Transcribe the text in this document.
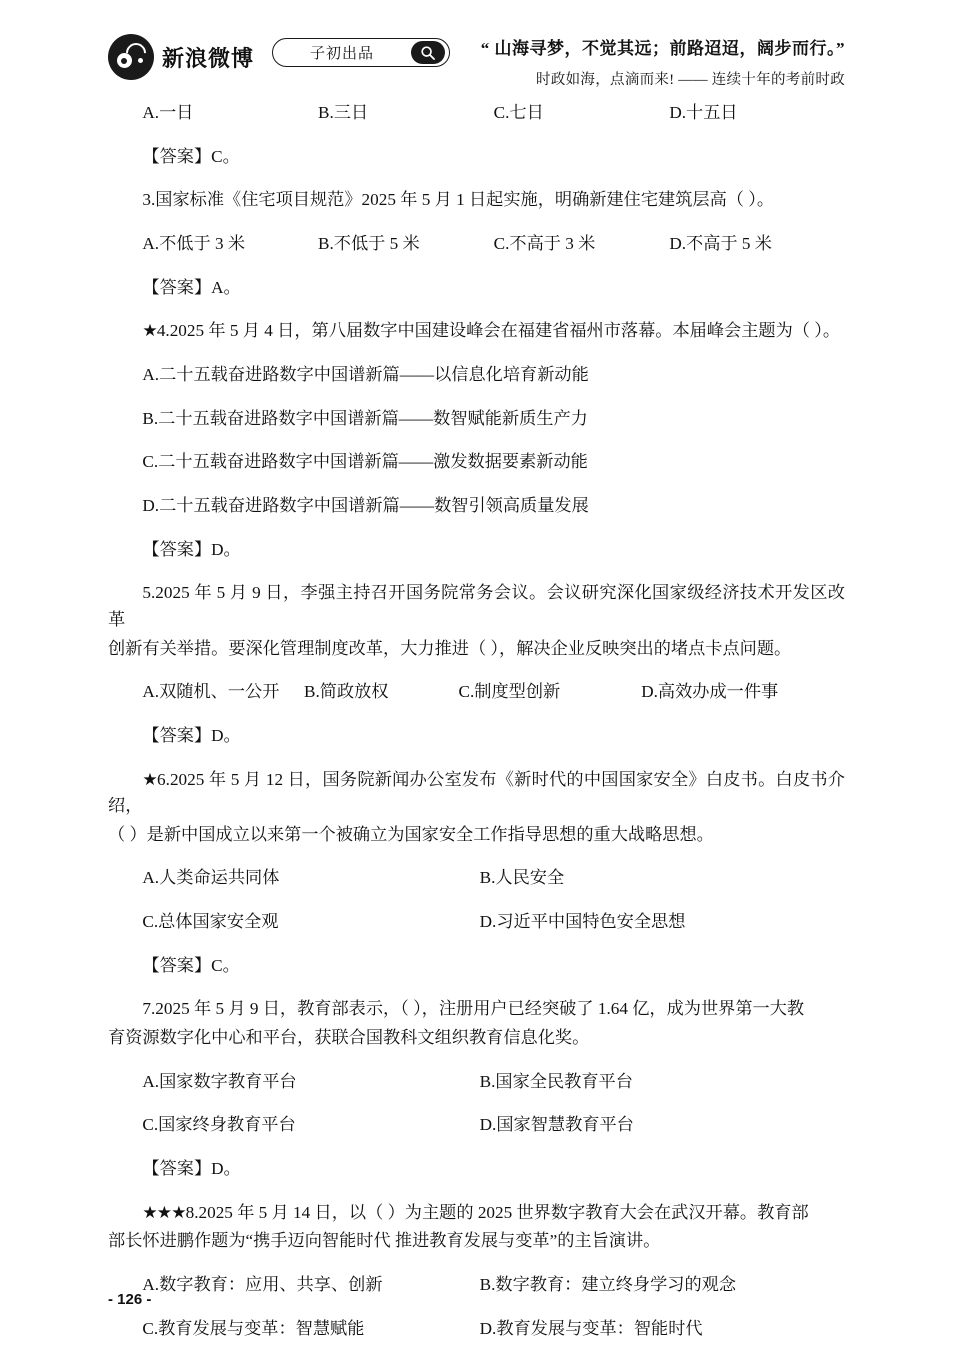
新浪微博	子初出品	“ 山海寻梦，不觉其远；前路迢迢，阔步而行。”
时政如海，点滴而来! —— 连续十年的考前时政
A.一日	B.三日	C.七日	D.十五日

【答案】C。

3.国家标准《住宅项目规范》2025 年 5 月 1 日起实施，明确新建住宅建筑层高（ ）。

A.不低于 3 米	B.不低于 5 米	C.不高于 3 米	D.不高于 5 米

【答案】A。

★4.2025 年 5 月 4 日，第八届数字中国建设峰会在福建省福州市落幕。本届峰会主题为（ ）。

A.二十五载奋进路数字中国谱新篇——以信息化培育新动能

B.二十五载奋进路数字中国谱新篇——数智赋能新质生产力

C.二十五载奋进路数字中国谱新篇——激发数据要素新动能

D.二十五载奋进路数字中国谱新篇——数智引领高质量发展

【答案】D。

5.2025 年 5 月 9 日，李强主持召开国务院常务会议。会议研究深化国家级经济技术开发区改革

创新有关举措。要深化管理制度改革，大力推进（ ），解决企业反映突出的堵点卡点问题。

A.双随机、一公开	B.简政放权	C.制度型创新	D.高效办成一件事

【答案】D。

★6.2025 年 5 月 12 日，国务院新闻办公室发布《新时代的中国国家安全》白皮书。白皮书介绍，

（ ）是新中国成立以来第一个被确立为国家安全工作指导思想的重大战略思想。

A.人类命运共同体	B.人民安全
C.总体国家安全观	D.习近平中国特色安全思想

【答案】C。

7.2025 年 5 月 9 日，教育部表示，（ ），注册用户已经突破了 1.64 亿，成为世界第一大教

育资源数字化中心和平台，获联合国教科文组织教育信息化奖。

A.国家数字教育平台	B.国家全民教育平台
C.国家终身教育平台	D.国家智慧教育平台

【答案】D。

★★★8.2025 年 5 月 14 日，以（ ）为主题的 2025 世界数字教育大会在武汉开幕。教育部

部长怀进鹏作题为“携手迈向智能时代 推进教育发展与变革”的主旨演讲。

A.数字教育：应用、共享、创新	B.数字教育：建立终身学习的观念
C.教育发展与变革：智慧赋能	D.教育发展与变革：智能时代
- 126 -
